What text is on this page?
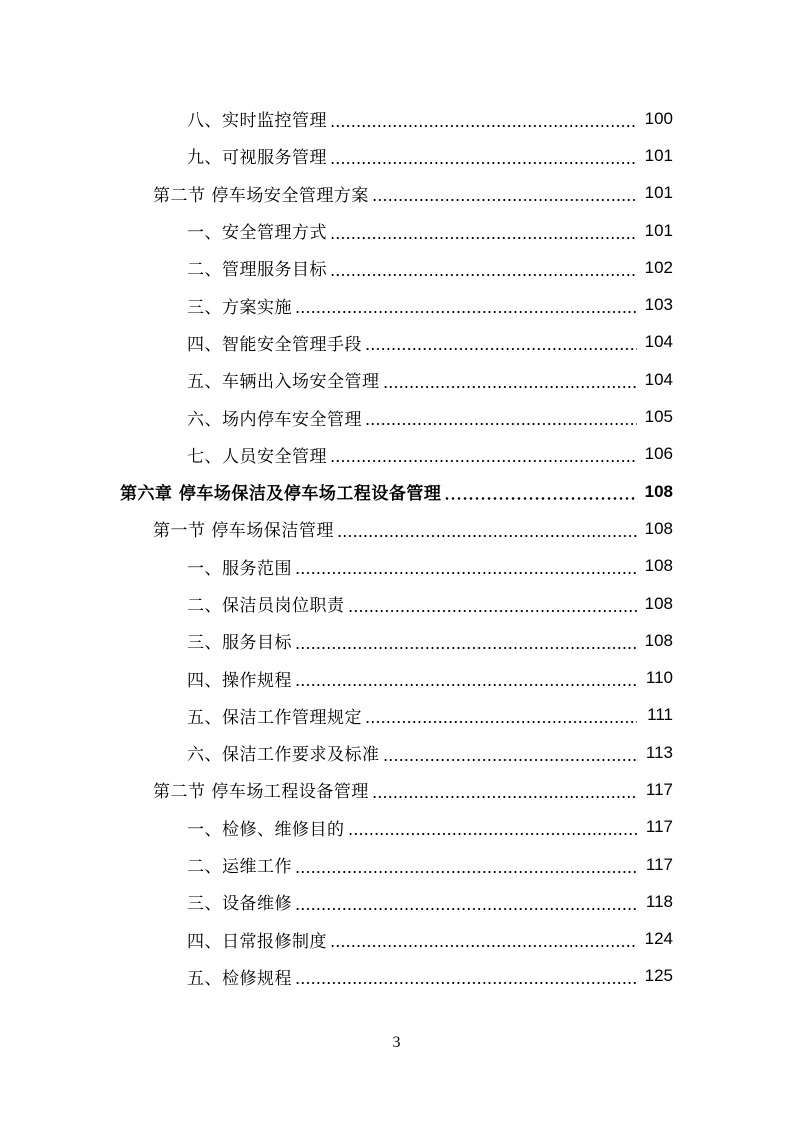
八、实时监控管理	100
九、可视服务管理	101
第二节 停车场安全管理方案	101
一、安全管理方式	101
二、管理服务目标	102
三、方案实施	103
四、智能安全管理手段	104
五、车辆出入场安全管理	104
六、场内停车安全管理	105
七、人员安全管理	106
第六章 停车场保洁及停车场工程设备管理	108
第一节 停车场保洁管理	108
一、服务范围	108
二、保洁员岗位职责	108
三、服务目标	108
四、操作规程	110
五、保洁工作管理规定	111
六、保洁工作要求及标准	113
第二节 停车场工程设备管理	117
一、检修、维修目的	117
二、运维工作	117
三、设备维修	118
四、日常报修制度	124
五、检修规程	125
3
